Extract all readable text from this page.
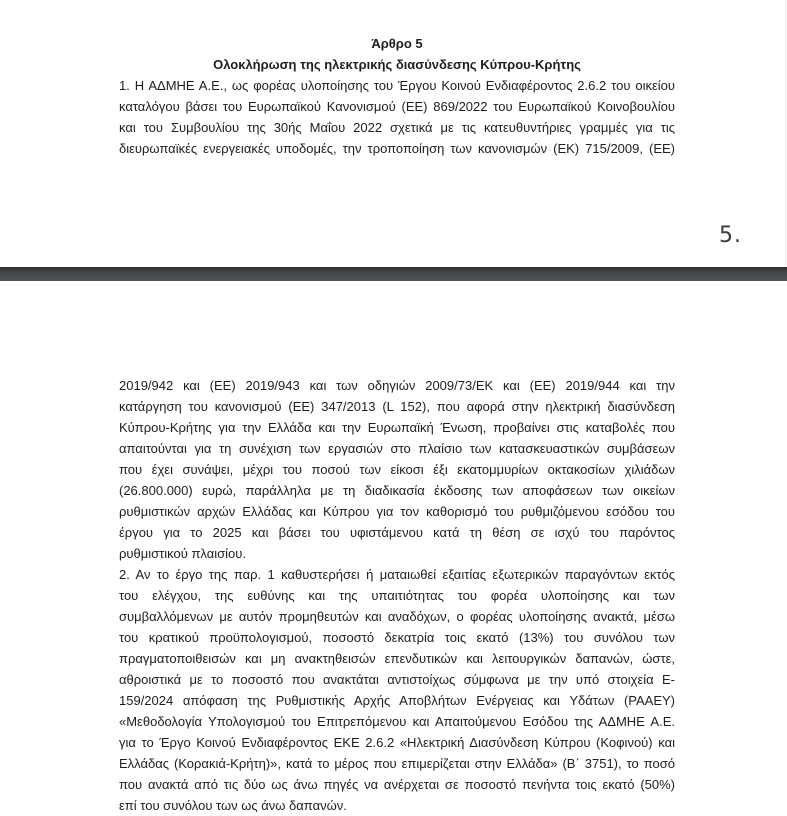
Άρθρο 5
Ολοκλήρωση της ηλεκτρικής διασύνδεσης Κύπρου-Κρήτης
1. Η ΑΔΜΗΕ Α.Ε., ως φορέας υλοποίησης του Έργου Κοινού Ενδιαφέροντος 2.6.2 του οικείου
καταλόγου βάσει του Ευρωπαϊκού Κανονισμού (ΕΕ) 869/2022 του Ευρωπαϊκού Κοινοβουλίου
και του Συμβουλίου της 30ής Μαΐου 2022 σχετικά με τις κατευθυντήριες γραμμές για τις
διευρωπαϊκές ενεργειακές υποδομές, την τροποποίηση των κανονισμών (ΕΚ) 715/2009, (ΕΕ)
5.
2019/942 και (ΕΕ) 2019/943 και των οδηγιών 2009/73/ΕΚ και (ΕΕ) 2019/944 και την
κατάργηση του κανονισμού (ΕΕ) 347/2013 (L 152), που αφορά στην ηλεκτρική διασύνδεση
Κύπρου-Κρήτης για την Ελλάδα και την Ευρωπαϊκή Ένωση, προβαίνει στις καταβολές που
απαιτούνται για τη συνέχιση των εργασιών στο πλαίσιο των κατασκευαστικών συμβάσεων
που έχει συνάψει, μέχρι του ποσού των είκοσι έξι εκατομμυρίων οκτακοσίων χιλιάδων
(26.800.000) ευρώ, παράλληλα με τη διαδικασία έκδοσης των αποφάσεων των οικείων
ρυθμιστικών αρχών Ελλάδας και Κύπρου για τον καθορισμό του ρυθμιζόμενου εσόδου του
έργου για το 2025 και βάσει του υφιστάμενου κατά τη θέση σε ισχύ του παρόντος
ρυθμιστικού πλαισίου.
2. Αν το έργο της παρ. 1 καθυστερήσει ή ματαιωθεί εξαιτίας εξωτερικών παραγόντων εκτός
του ελέγχου, της ευθύνης και της υπαιτιότητας του φορέα υλοποίησης και των
συμβαλλόμενων με αυτόν προμηθευτών και αναδόχων, ο φορέας υλοποίησης ανακτά, μέσω
του κρατικού προϋπολογισμού, ποσοστό δεκατρία τοις εκατό (13%) του συνόλου των
πραγματοποιθεισών και μη ανακτηθεισών επενδυτικών και λειτουργικών δαπανών, ώστε,
αθροιστικά με το ποσοστό που ανακτάται αντιστοίχως σύμφωνα με την υπό στοιχεία Ε-
159/2024 απόφαση της Ρυθμιστικής Αρχής Αποβλήτων Ενέργειας και Υδάτων (ΡΑΑΕΥ)
«Μεθοδολογία Υπολογισμού του Επιτρεπόμενου και Απαιτούμενου Εσόδου της ΑΔΜΗΕ Α.Ε.
για το Έργο Κοινού Ενδιαφέροντος ΕΚΕ 2.6.2 «Ηλεκτρική Διασύνδεση Κύπρου (Κοφινού) και
Ελλάδας (Κορακιά-Κρήτη)», κατά το μέρος που επιμερίζεται στην Ελλάδα» (Β΄ 3751), το ποσό
που ανακτά από τις δύο ως άνω πηγές να ανέρχεται σε ποσοστό πενήντα τοις εκατό (50%)
επί του συνόλου των ως άνω δαπανών.
